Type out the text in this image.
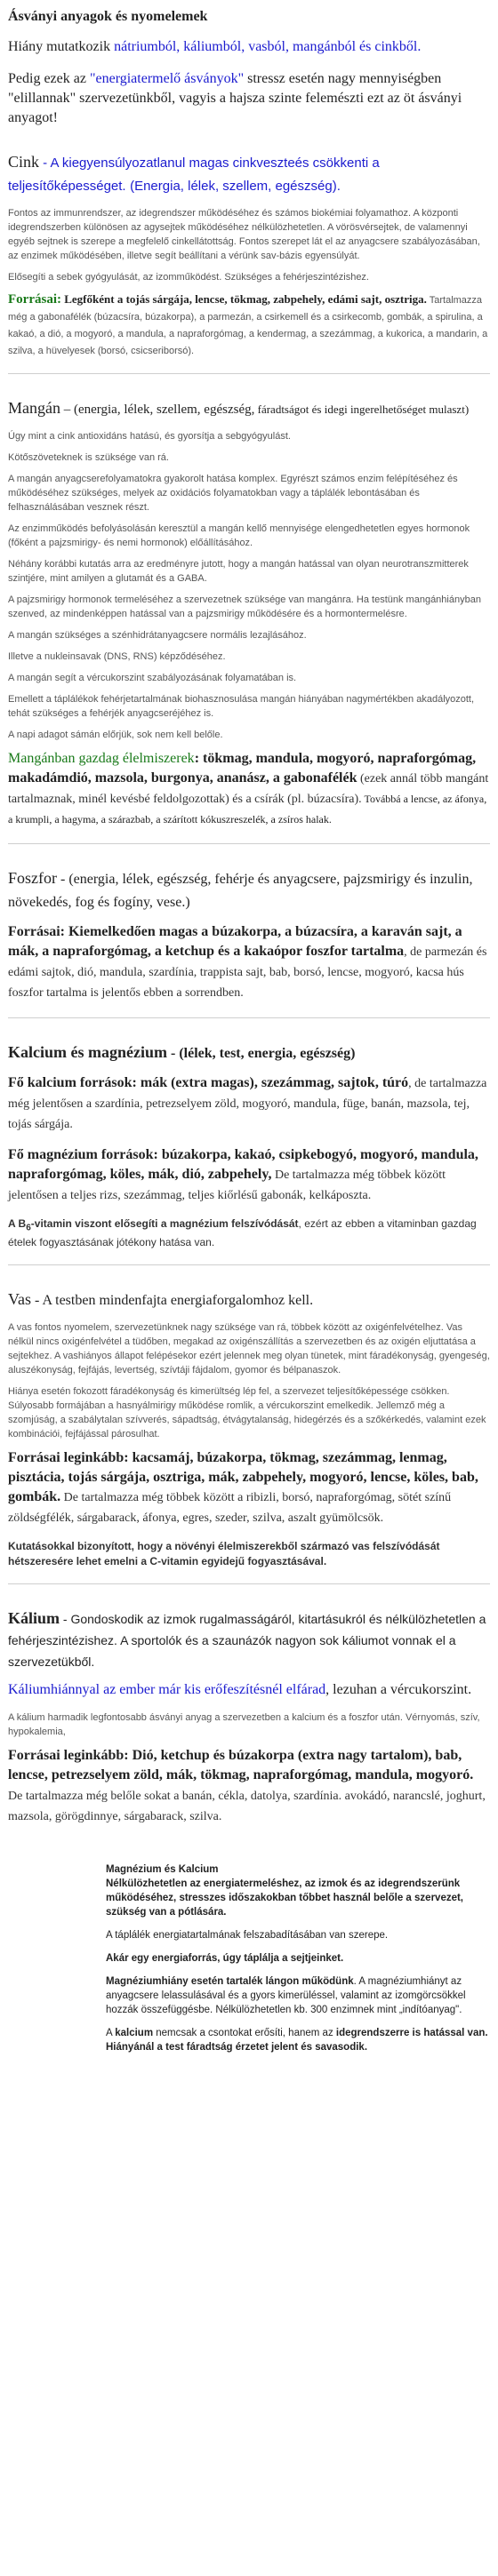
Ásványi anyagok és nyomelemek

Hiány mutatkozik nátriumból, káliumból, vasból, mangánból és cinkből.

Pedig ezek az "energiatermelő ásványok" stressz esetén nagy mennyiségben "elillannak" szervezetünkből, vagyis a hajsza szinte felemészti ezt az öt ásványi anyagot!

Cink - A kiegyensúlyozatlanul magas cinkveszteés csökkenti a teljesítőképességet. (Energia, lélek, szellem, egészség).

Fontos az immunrendszer, az idegrendszer működéséhez és számos biokémiai folyamathoz. A központi idegrendszerben különösen az agysejtek működéséhez nélkülözhetetlen. A vörösvérsejtek, de valamennyi egyéb sejtnek is szerepe a megfelelő cinkellátottság. Fontos szerepet lát el az anyagcsere szabályozásában, az enzimek működésében, illetve segít beállítani a vérünk sav-bázis egyensúlyát.

Elősegíti a sebek gyógyulását, az izomműködést. Szükséges a fehérjeszintézishez.

Forrásai: Legfőként a tojás sárgája, lencse, tökmag, zabpehely, edámi sajt, osztriga. Tartalmazza még a gabonafélék (búzacsíra, búzakorpa), a parmezán, a csirkemell és a csirkecomb, gombák, a spirulina, a kakaó, a dió, a mogyoró, a mandula, a napraforgómag, a kendermag, a szezámmag, a kukorica, a mandarin, a szilva, a hüvelyesek (borsó, csicseriborsó).

Mangán – (energia, lélek, szellem, egészség, fáradtságot és idegi ingerelhetőséget mulaszt)

Úgy mint a cink antioxidáns hatású, és gyorsítja a sebgyógyulást.

Kötőszöveteknek is szüksége van rá.

A mangán anyagcserefolyamatokra gyakorolt hatása komplex. Egyrészt számos enzim felépítéséhez és működéséhez szükséges, melyek az oxidációs folyamatokban vagy a táplálék lebontásában és felhasználásában vesznek részt.

Az enzimműködés befolyásolásán keresztül a mangán kellő mennyisége elengedhetetlen egyes hormonok (főként a pajzsmirigy- és nemi hormonok) előállításához.

Néhány korábbi kutatás arra az eredményre jutott, hogy a mangán hatással van olyan neurotranszmitterek szintjére, mint amilyen a glutamát és a GABA.

A pajzsmirigy hormonok termeléséhez a szervezetnek szüksége van mangánra. Ha testünk mangánhiányban szenved, az mindenképpen hatással van a pajzsmirigy működésére és a hormontermelésre.

A mangán szükséges a szénhidrátanyagcsere normális lezajlásához.

Illetve a nukleinsavak (DNS, RNS) képződéséhez.

A mangán segít a vércukorszint szabályozásának folyamatában is.

Emellett a táplálékok fehérjetartalmának biohasznosulása mangán hiányában nagymértékben akadályozott, tehát szükséges a fehérjék anyagcseréjéhez is.

A napi adagot sámán előrjük, sok nem kell belőle.

Mangánban gazdag élelmiszerek: tökmag, mandula, mogyoró, napraforgómag, makadámdió, mazsola, burgonya, ananász, a gabonafélék (ezek annál több mangánt tartalmaznak, minél kevésbé feldolgozottak) és a csírák (pl. búzacsíra). Továbbá a lencse, az áfonya, a krumpli, a hagyma, a szárazbab, a szárított kókuszreszelék, a zsíros halak.

Foszfor - (energia, lélek, egészség, fehérje és anyagcsere, pajzsmirigy és inzulin, növekedés, fog és fogíny, vese.)

Forrásai: Kiemelkedően magas a búzakorpa, a búzacsíra, a karaván sajt, a mák, a napraforgómag, a ketchup és a kakaópor foszfor tartalma, de parmezán és edámi sajtok, dió, mandula, szardínia, trappista sajt, bab, borsó, lencse, mogyoró, kacsa hús foszfor tartalma is jelentős ebben a sorrendben.

Kalcium és magnézium - (lélek, test, energia, egészség)

Fő kalcium források: mák (extra magas), szezámmag, sajtok, túró, de tartalmazza még jelentősen a szardínia, petrezselyem zöld, mogyoró, mandula, füge, banán, mazsola, tej, tojás sárgája.

Fő magnézium források: búzakorpa, kakaó, csipkebogyó, mogyoró, mandula, napraforgómag, köles, mák, dió, zabpehely, De tartalmazza még többek között jelentősen a teljes rizs, szezámmag, teljes kiőrlésű gabonák, kelkáposzta.

A $B_6$-vitamin viszont elősegíti a magnézium felszívódását, ezért az ebben a vitaminban gazdag ételek fogyasztásának jótékony hatása van.

Vas - A testben mindenfajta energiaforgalomhoz kell.

A vas fontos nyomelem, szervezetünknek nagy szüksége van rá, többek között az oxigénfelvételhez. Vas nélkül nincs oxigénfelvétel a tüdőben, megakad az oxigénszállítás a szervezetben és az oxigén eljuttatása a sejtekhez. A vashiányos állapot felépésekor ezért jelennek meg olyan tünetek, mint fáradékonyság, gyengeség, aluszékonyság, fejfájás, levertség, szívtáji fájdalom, gyomor és bélpanaszok.

Hiánya esetén fokozott fáradékonyság és kimerültség lép fel, a szervezet teljesítőképessége csökken. Súlyosabb formájában a hasnyálmirigy működése romlik, a vércukorszint emelkedik. Jellemző még a szomjúság, a szabálytalan szívverés, sápadtság, étvágytalanság, hidegérzés és a szőkérkedés, valamint ezek kombinációi, fejfájással párosulhat.

Forrásai leginkább: kacsamáj, búzakorpa, tökmag, szezámmag, lenmag, pisztácia, tojás sárgája, osztriga, mák, zabpehely, mogyoró, lencse, köles, bab, gombák. De tartalmazza még többek között a ribizli, borsó, napraforgómag, sötét színű zöldségfélék, sárgabarack, áfonya, egres, szeder, szilva, aszalt gyümölcsök.

Kutatásokkal bizonyított, hogy a növényi élelmiszerekből származó vas felszívódását hétszeresére lehet emelni a C-vitamin egyidejű fogyasztásával.

Kálium - Gondoskodik az izmok rugalmasságáról, kitartásukról és nélkülözhetetlen a fehérjeszintézishez. A sportolók és a szaunázók nagyon sok káliumot vonnak el a szervezetükből.

Káliumhiánnyal az ember már kis erőfeszítésnél elfárad, lezuhan a vércukorszint.

A kálium harmadik legfontosabb ásványi anyag a szervezetben a kalcium és a foszfor után. Vérnyomás, szív, hypokalemia,

Forrásai leginkább: Dió, ketchup és búzakorpa (extra nagy tartalom), bab, lencse, petrezselyem zöld, mák, tökmag, napraforgómag, mandula, mogyoró. De tartalmazza még belőle sokat a banán, cékla, datolya, szardínia. avokádó, narancslé, joghurt, mazsola, görögdinnye, sárgabarack, szilva.

Magnézium és Kalcium
Nélkülözhetetlen az energiatermeléshez, az izmok és az idegrendszerünk működéséhez, stresszes időszakokban tőbbet használ belőle a szervezet, szükség van a pótlására.

A táplálék energiatartalmának felszabadításában van szerepe.

Akár egy energiaforrás, úgy táplálja a sejtjeinket.

Magnéziumhiány esetén tartalék lángon működünk. A magnéziumhiányt az anyagcsere lelassulásával és a gyors kimerüléssel, valamint az izomgörcsökkel hozzák összefüggésbe. Nélkülözhetetlen kb. 300 enzimnek mint „indítóanyag".

A kalcium nemcsak a csontokat erősíti, hanem az idegrendszerre is hatással van. Hiányánál a test fáradtság érzetet jelent és savasodik.
